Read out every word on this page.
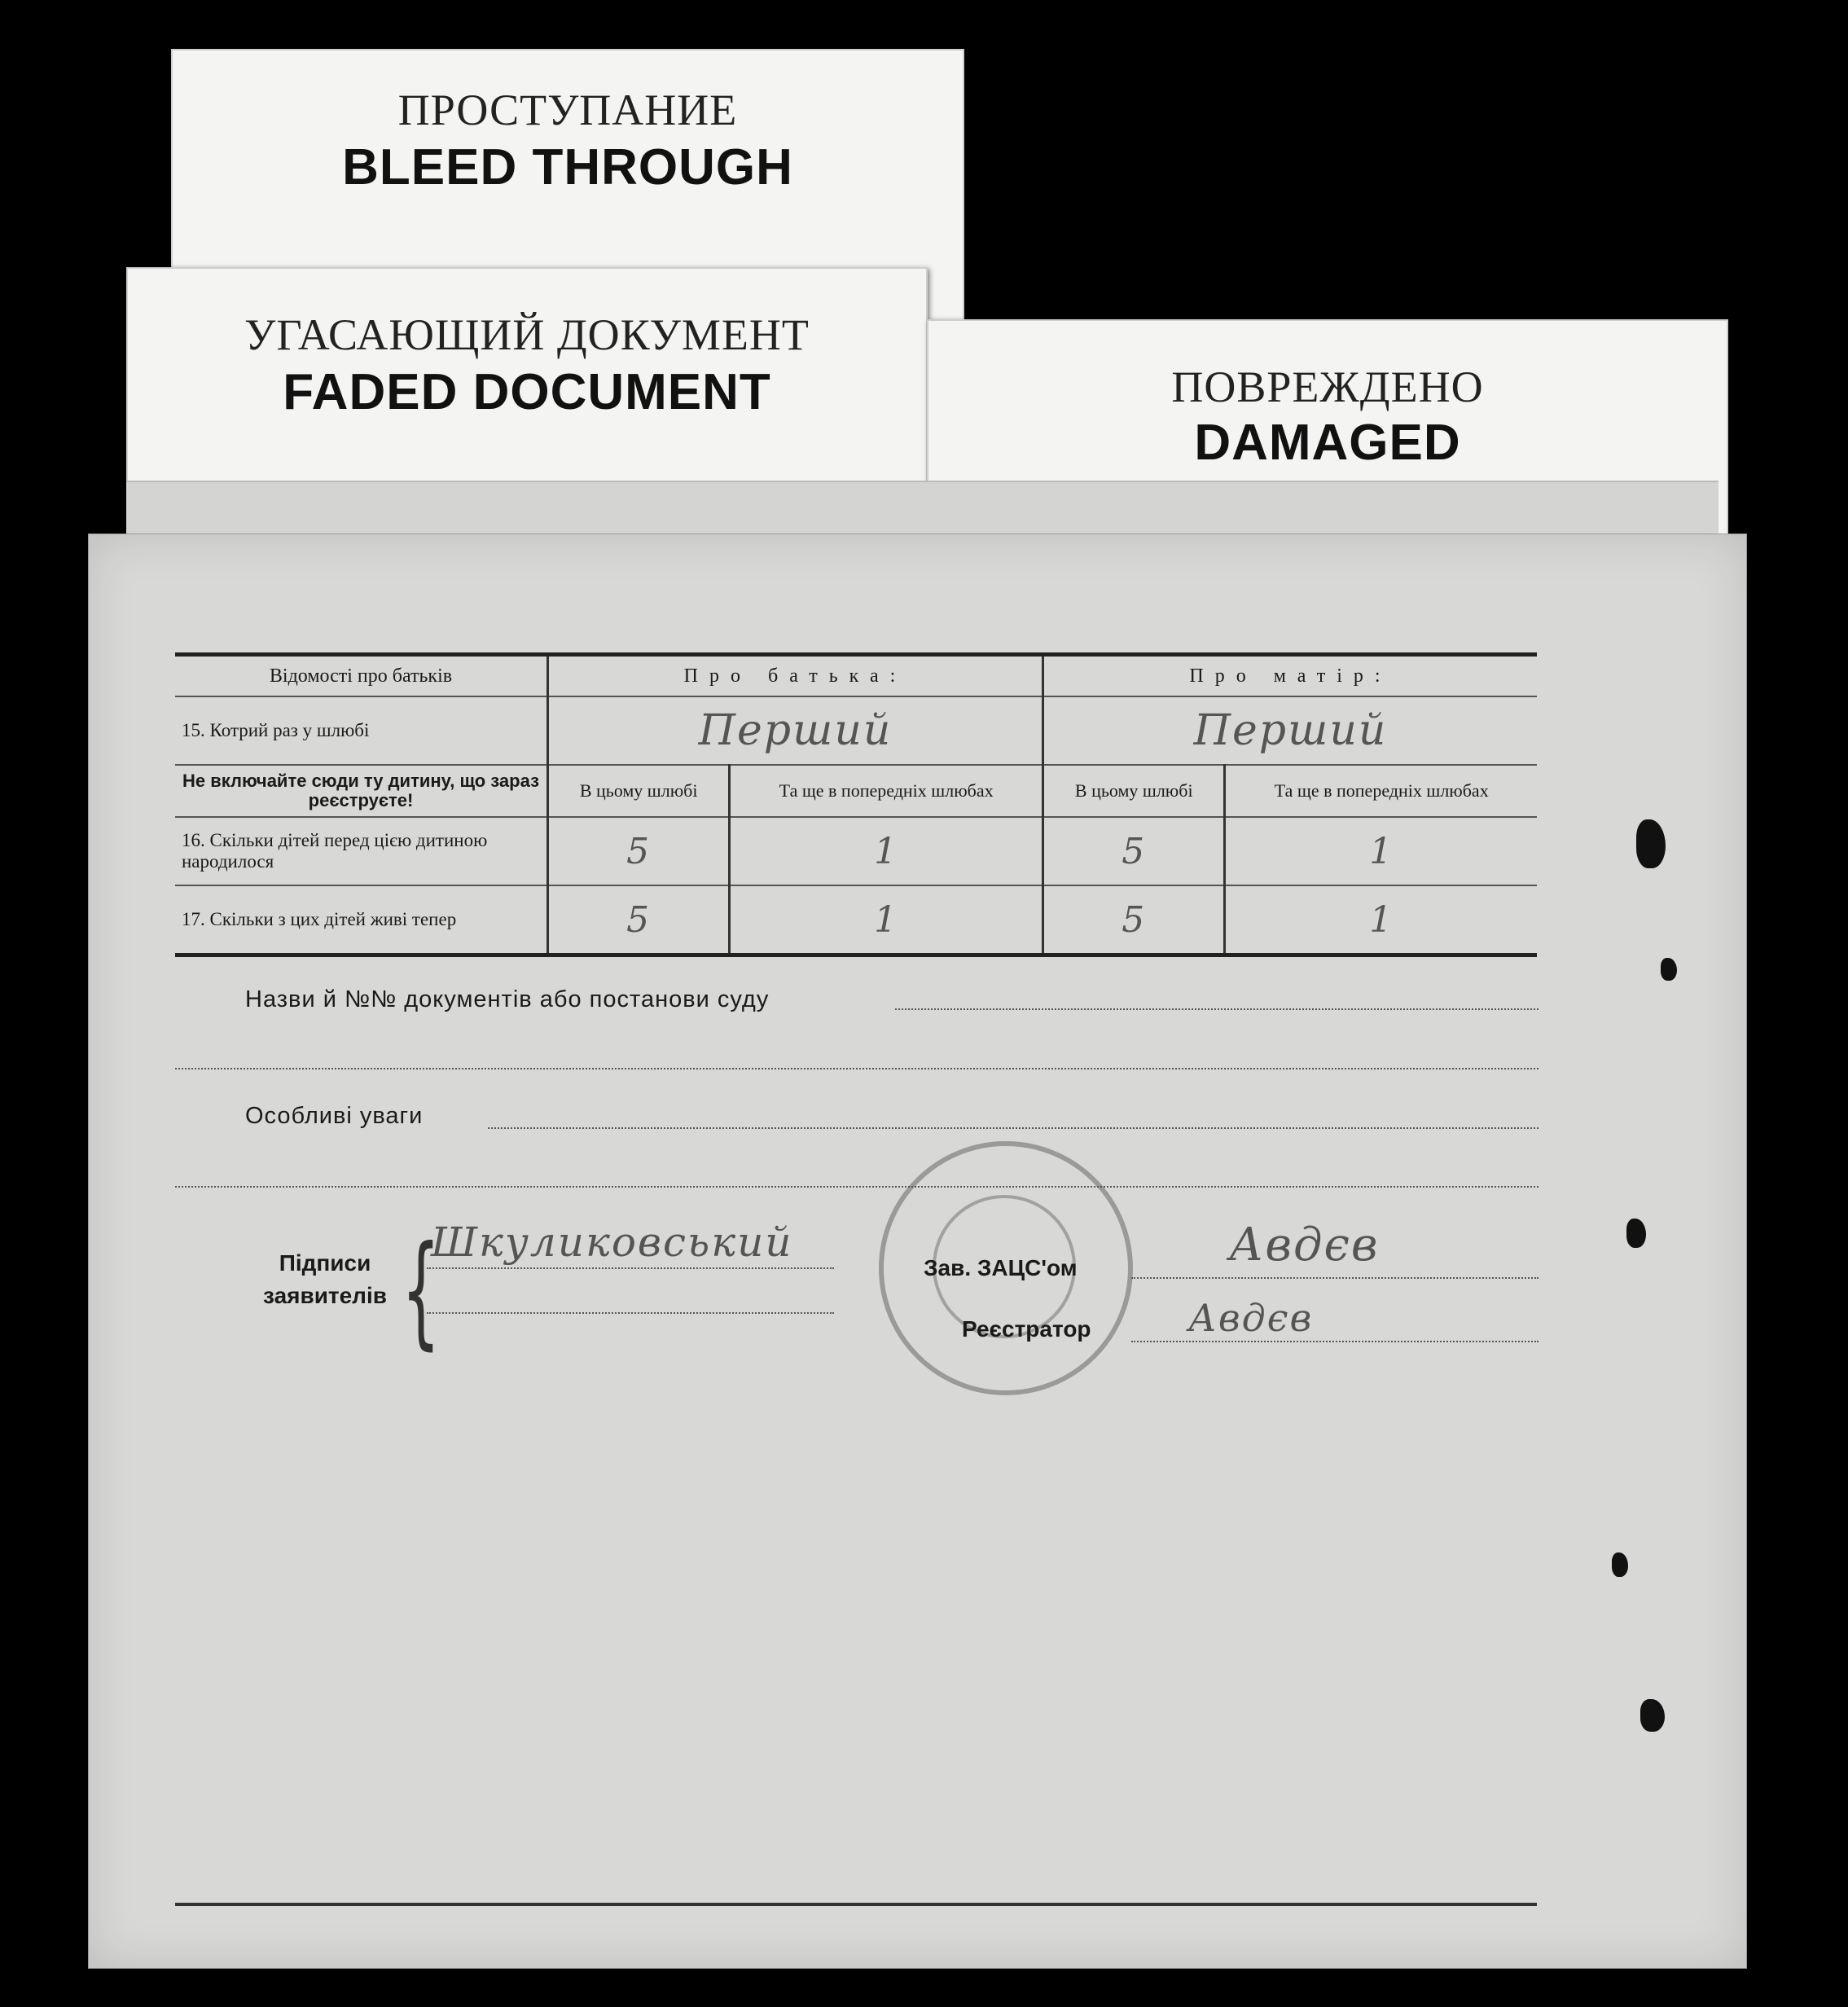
ПРОСТУПАНИЕ
BLEED THROUGH
УГАСАЮЩИЙ ДОКУМЕНТ
FADED DOCUMENT	ПОВРЕЖДЕНО
DAMAGED
Відомості про батьків	Про батька:		Про матір:	
15. Котрий раз у шлюбі	Перший		Перший	
Не включайте сюди ту дитину, що зараз реєструєте!	В цьому шлюбі	Та ще в попередніх шлюбах	В цьому шлюбі	Та ще в попередніх шлюбах
16. Скільки дітей перед цією дитиною народилося	5	1	5	1
17. Скільки з цих дітей живі тепер	5	1	5	1
Назви й №№ документів або постанови суду
Особливі уваги
Підписи заявителів {
Шкуликовський
Зав. ЗАЦС'ом	Авдєв
Реєстратор	Авдєв
